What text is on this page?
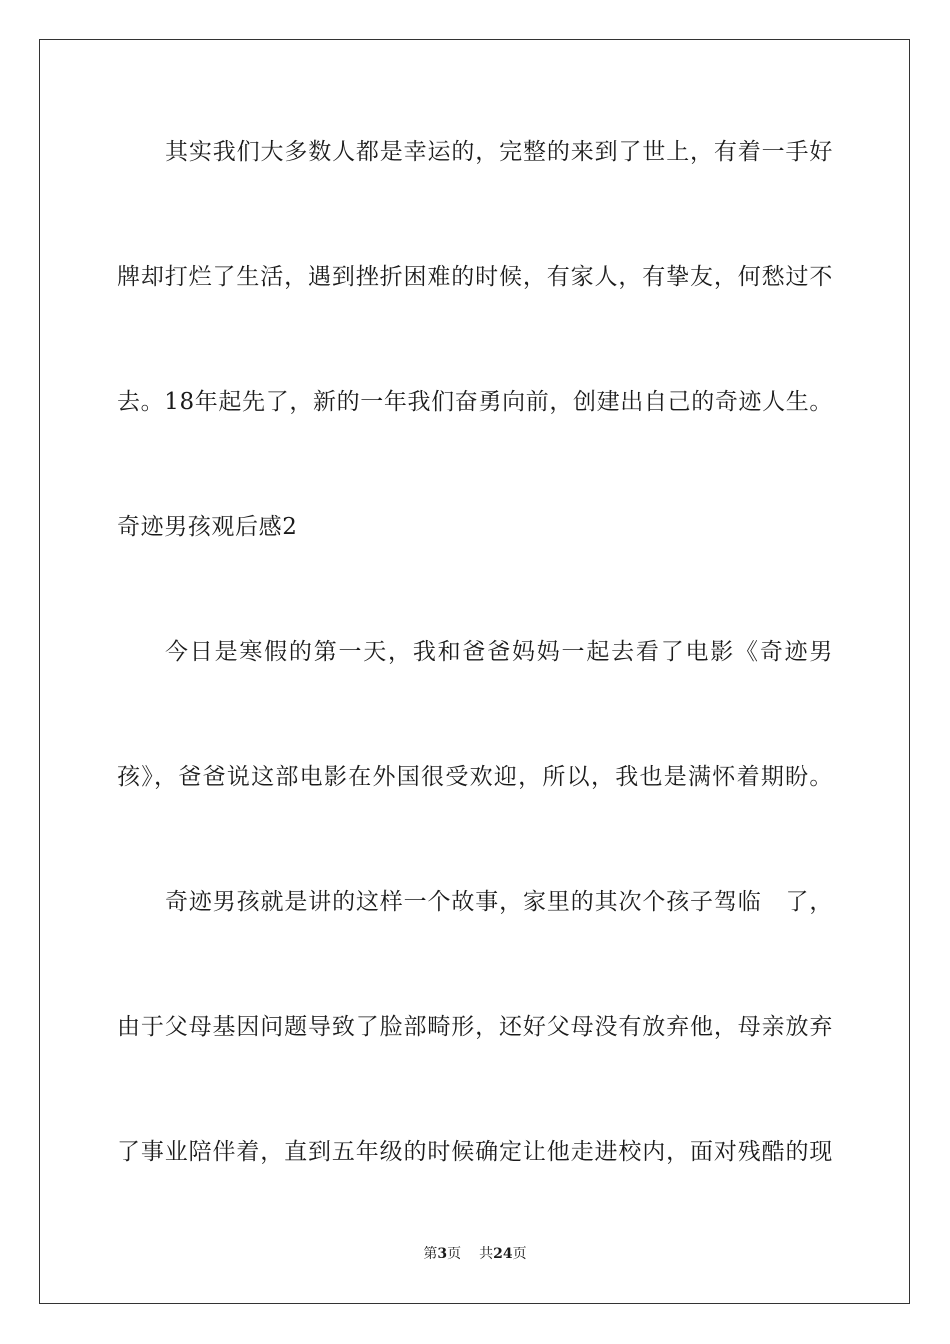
其实我们大多数人都是幸运的，完整的来到了世上，有着一手好
牌却打烂了生活，遇到挫折困难的时候，有家人，有挚友，何愁过不
去。18年起先了，新的一年我们奋勇向前，创建出自己的奇迹人生。
奇迹男孩观后感2
今日是寒假的第一天，我和爸爸妈妈一起去看了电影《奇迹男
孩》，爸爸说这部电影在外国很受欢迎，所以，我也是满怀着期盼。
奇迹男孩就是讲的这样一个故事，家里的其次个孩子驾临　了，
由于父母基因问题导致了脸部畸形，还好父母没有放弃他，母亲放弃
了事业陪伴着，直到五年级的时候确定让他走进校内，面对残酷的现
第3页 共24页
